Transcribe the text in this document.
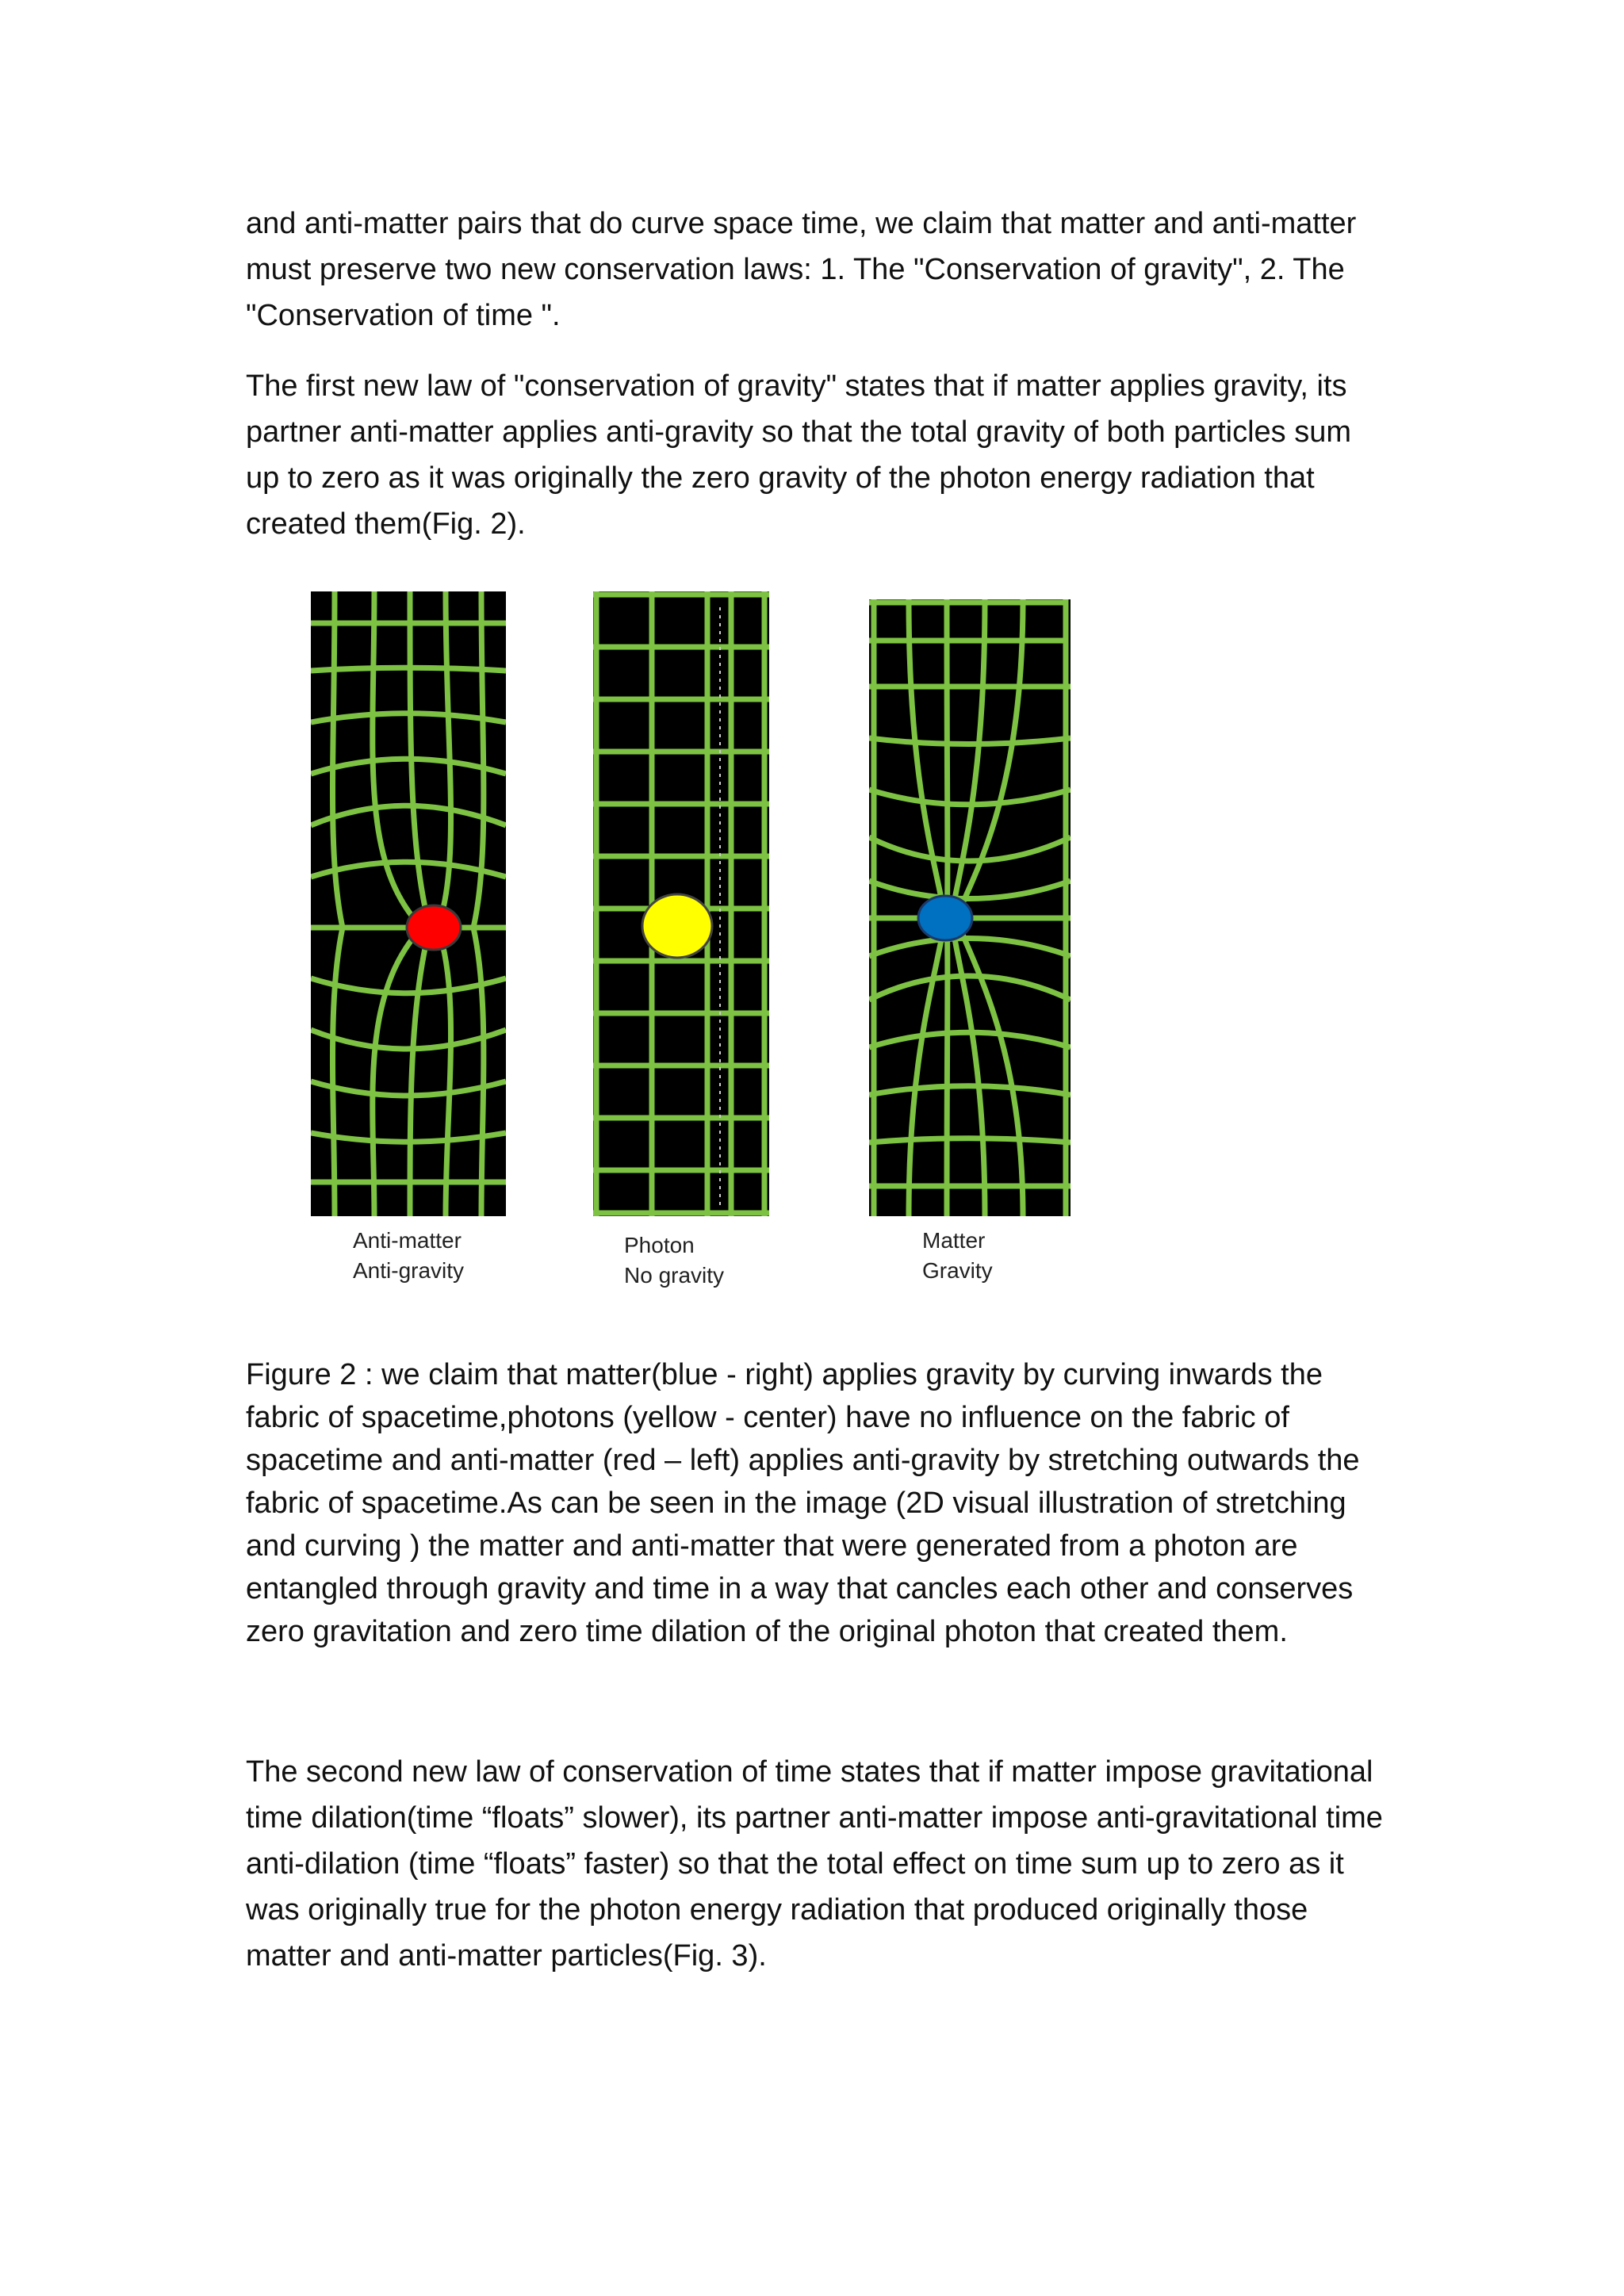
and anti-matter pairs that do curve space time, we claim that matter and anti-matter must preserve two new conservation laws: 1. The "Conservation of gravity", 2. The "Conservation of time ".

The first new law of "conservation of gravity" states that if matter applies gravity, its partner anti-matter applies anti-gravity so that the total gravity of both particles sum up to zero as it was originally the zero gravity of the photon energy radiation that created them(Fig. 2).

Anti-matter
Anti-gravity
Photon
No gravity
Matter
Gravity

Figure 2 : we claim that matter(blue - right) applies gravity by curving inwards the fabric of spacetime,photons (yellow - center) have no influence on the fabric of spacetime and anti-matter (red – left) applies anti-gravity by stretching outwards the fabric of spacetime.As can be seen in the image (2D visual illustration of stretching and curving ) the matter and anti-matter that were generated from a photon are entangled through gravity and time in a way that cancles each other and conserves zero gravitation and zero time dilation of the original photon that created them.

The second new law of conservation of time states that if matter impose gravitational time dilation(time “floats” slower), its partner anti-matter impose anti-gravitational time anti-dilation (time “floats” faster) so that the total effect on time sum up to zero as it was originally true for the photon energy radiation that produced originally those matter and anti-matter particles(Fig. 3).
